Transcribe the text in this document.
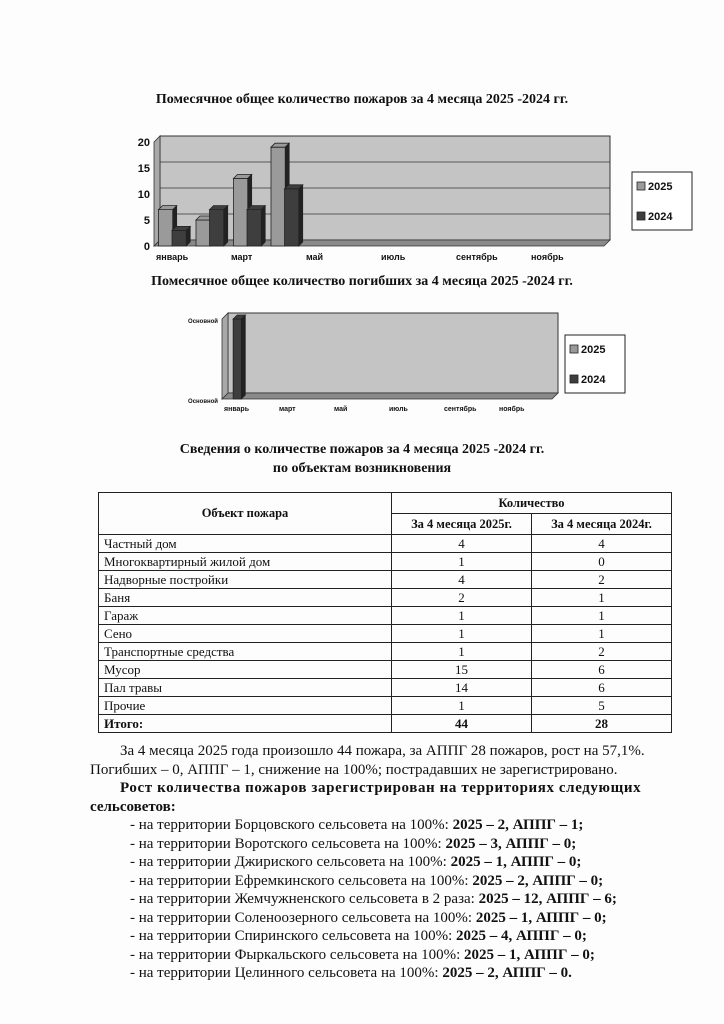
Помесячное общее количество пожаров за 4 месяца 2025 -2024 гг.
0
5
10
15
20
январь	март	май	июль	сентябрь	ноябрь
2025
2024
Помесячное общее количество погибших за 4 месяца 2025 -2024 гг.
Основной
Основной
январь	март	май	июль	сентябрь	ноябрь
2025
2024
Сведения о количестве пожаров за 4 месяца 2025 -2024 гг.
по объектам возникновения
Объект пожара	Количество	
	За 4 месяца 2025г.	За 4 месяца 2024г.
Частный дом	4	4
Многоквартирный жилой дом	1	0
Надворные постройки	4	2
Баня	2	1
Гараж	1	1
Сено	1	1
Транспортные средства	1	2
Мусор	15	6
Пал травы	14	6
Прочие	1	5
Итого:	44	28
За 4 месяца 2025 года произошло 44 пожара, за АППГ 28 пожаров, рост на 57,1%.
Погибших – 0, АППГ – 1, снижение на 100%; пострадавших не зарегистрировано.
Рост количества пожаров зарегистрирован на территориях следующих
сельсоветов:
- на территории Борцовского сельсовета на 100%: 2025 – 2, АППГ – 1;
- на территории Воротского сельсовета на 100%: 2025 – 3, АППГ – 0;
- на территории Джириского сельсовета на 100%: 2025 – 1, АППГ – 0;
- на территории Ефремкинского сельсовета на 100%: 2025 – 2, АППГ – 0;
- на территории Жемчужненского сельсовета в 2 раза: 2025 – 12, АППГ – 6;
- на территории Соленоозерного сельсовета на 100%: 2025 – 1, АППГ – 0;
- на территории Спиринского сельсовета на 100%: 2025 – 4, АППГ – 0;
- на территории Фыркальского сельсовета на 100%: 2025 – 1, АППГ – 0;
- на территории Целинного сельсовета на 100%: 2025 – 2, АППГ – 0.
